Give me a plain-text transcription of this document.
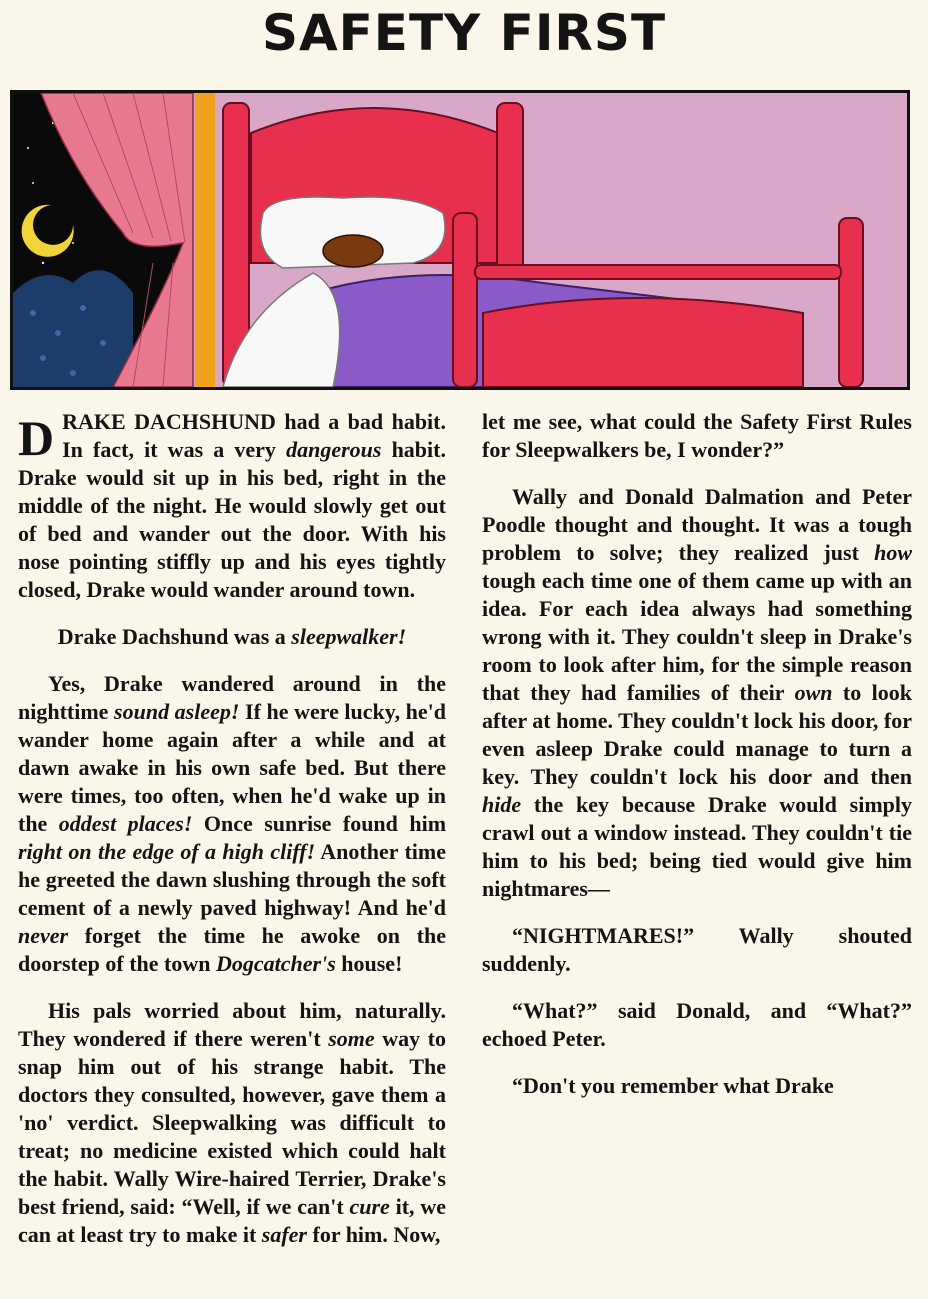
SAFETY FIRST

DRAKE DACHSHUND had a bad habit. In fact, it was a very dangerous habit. Drake would sit up in his bed, right in the middle of the night. He would slowly get out of bed and wander out the door. With his nose pointing stiffly up and his eyes tightly closed, Drake would wander around town.

Drake Dachshund was a sleepwalker!

Yes, Drake wandered around in the nighttime sound asleep! If he were lucky, he'd wander home again after a while and at dawn awake in his own safe bed. But there were times, too often, when he'd wake up in the oddest places! Once sunrise found him right on the edge of a high cliff! Another time he greeted the dawn slushing through the soft cement of a newly paved highway! And he'd never forget the time he awoke on the doorstep of the town Dogcatcher's house!

His pals worried about him, naturally. They wondered if there weren't some way to snap him out of his strange habit. The doctors they consulted, however, gave them a 'no' verdict. Sleepwalking was difficult to treat; no medicine existed which could halt the habit. Wally Wire-haired Terrier, Drake's best friend, said: “Well, if we can't cure it, we can at least try to make it safer for him. Now,

let me see, what could the Safety First Rules for Sleepwalkers be, I wonder?”

Wally and Donald Dalmation and Peter Poodle thought and thought. It was a tough problem to solve; they realized just how tough each time one of them came up with an idea. For each idea always had something wrong with it. They couldn't sleep in Drake's room to look after him, for the simple reason that they had families of their own to look after at home. They couldn't lock his door, for even asleep Drake could manage to turn a key. They couldn't lock his door and then hide the key because Drake would simply crawl out a window instead. They couldn't tie him to his bed; being tied would give him nightmares—

“NIGHTMARES!” Wally shouted suddenly.

“What?” said Donald, and “What?” echoed Peter.

“Don't you remember what Drake
